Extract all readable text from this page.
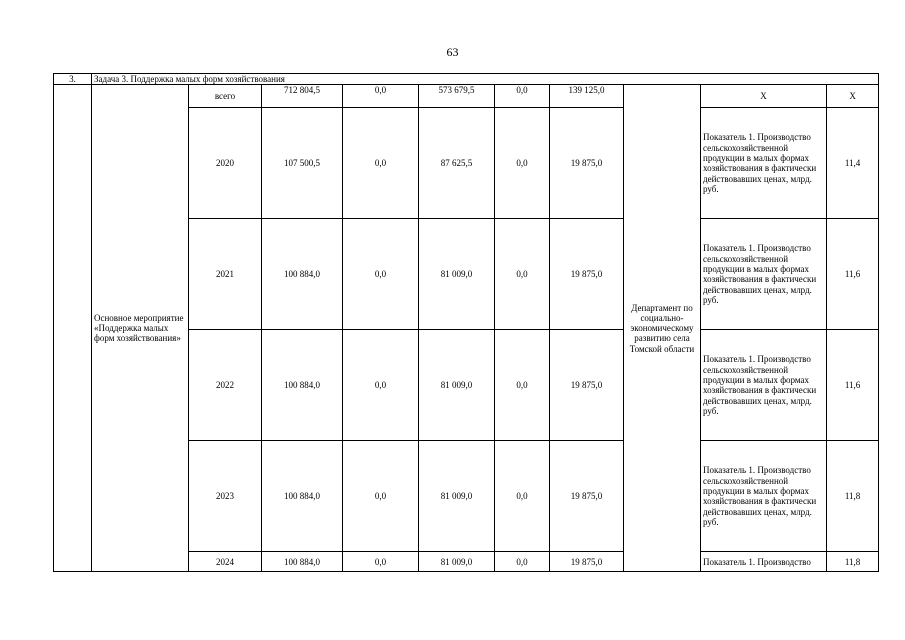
63
3.	Задача 3. Поддержка малых форм хозяйствования									
	Основное мероприятие «Поддержка малых форм хозяйствования»	всего	712 804,5	0,0	573 679,5	0,0	139 125,0	Департамент по социально-экономическому развитию села Томской области	Х	Х
		2020	107 500,5	0,0	87 625,5	0,0	19 875,0		Показатель 1. Производство сельскохозяйственной продукции в малых формах хозяйствования в фактически действовавших ценах, млрд. руб.	11,4
		2021	100 884,0	0,0	81 009,0	0,0	19 875,0		Показатель 1. Производство сельскохозяйственной продукции в малых формах хозяйствования в фактически действовавших ценах, млрд. руб.	11,6
		2022	100 884,0	0,0	81 009,0	0,0	19 875,0		Показатель 1. Производство сельскохозяйственной продукции в малых формах хозяйствования в фактически действовавших ценах, млрд. руб.	11,6
		2023	100 884,0	0,0	81 009,0	0,0	19 875,0		Показатель 1. Производство сельскохозяйственной продукции в малых формах хозяйствования в фактически действовавших ценах, млрд. руб.	11,8
		2024	100 884,0	0,0	81 009,0	0,0	19 875,0		Показатель 1. Производство	11,8
